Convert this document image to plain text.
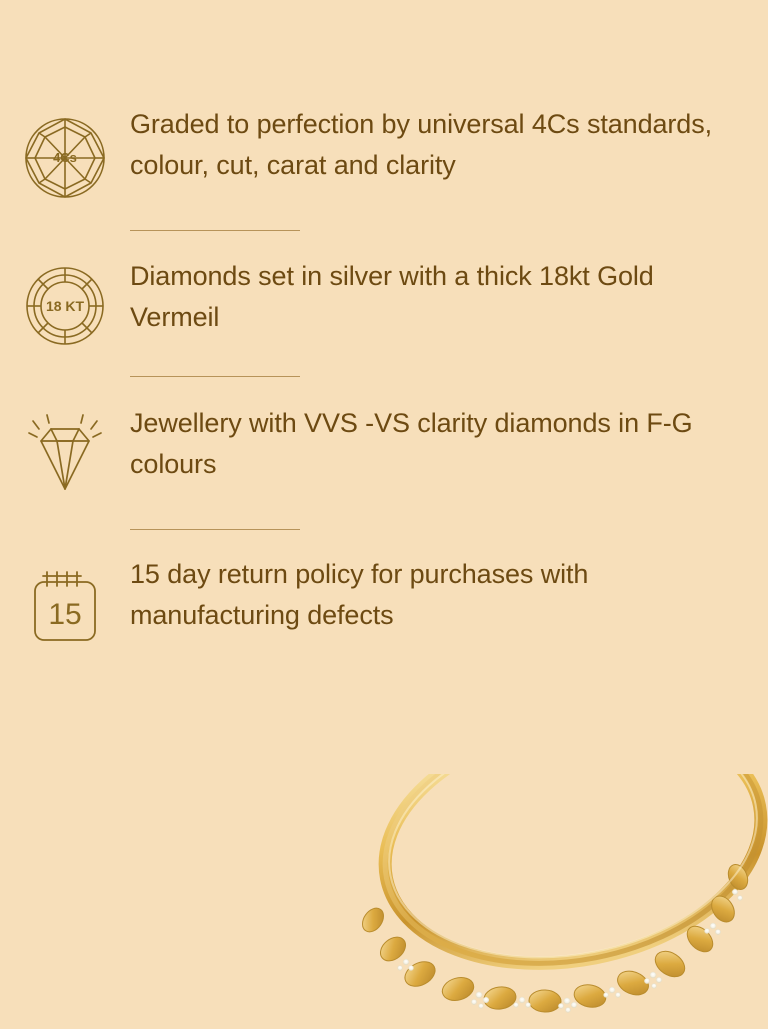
4Cs
Graded to perfection by universal 4Cs standards, colour, cut, carat and clarity
18 KT
Diamonds set in silver with a thick 18kt Gold Vermeil
Jewellery with VVS -VS clarity diamonds in F-G colours
15
15 day return policy for purchases with manufacturing defects
